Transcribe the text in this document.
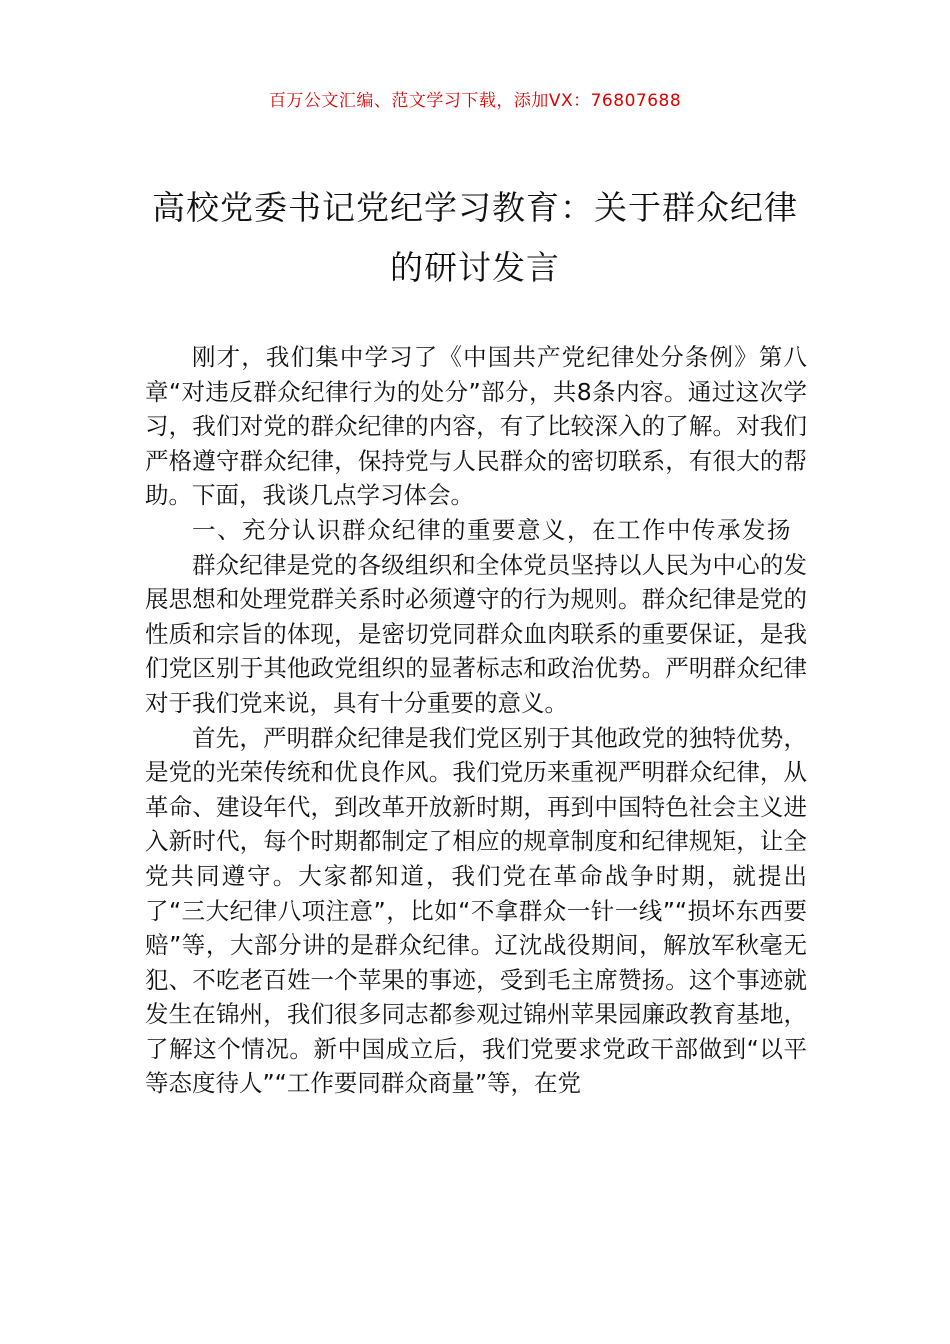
百万公文汇编、范文学习下载，添加VX：76807688
高校党委书记党纪学习教育：关于群众纪律的研讨发言

刚才，我们集中学习了《中国共产党纪律处分条例》第八章“对违反群众纪律行为的处分”部分，共8条内容。通过这次学习，我们对党的群众纪律的内容，有了比较深入的了解。对我们严格遵守群众纪律，保持党与人民群众的密切联系，有很大的帮助。下面，我谈几点学习体会。

一、充分认识群众纪律的重要意义，在工作中传承发扬

群众纪律是党的各级组织和全体党员坚持以人民为中心的发展思想和处理党群关系时必须遵守的行为规则。群众纪律是党的性质和宗旨的体现，是密切党同群众血肉联系的重要保证，是我们党区别于其他政党组织的显著标志和政治优势。严明群众纪律对于我们党来说，具有十分重要的意义。

首先，严明群众纪律是我们党区别于其他政党的独特优势，是党的光荣传统和优良作风。我们党历来重视严明群众纪律，从革命、建设年代，到改革开放新时期，再到中国特色社会主义进入新时代，每个时期都制定了相应的规章制度和纪律规矩，让全党共同遵守。大家都知道，我们党在革命战争时期，就提出了“三大纪律八项注意”，比如“不拿群众一针一线”“损坏东西要赔”等，大部分讲的是群众纪律。辽沈战役期间，解放军秋毫无犯、不吃老百姓一个苹果的事迹，受到毛主席赞扬。这个事迹就发生在锦州，我们很多同志都参观过锦州苹果园廉政教育基地，了解这个情况。新中国成立后，我们党要求党政干部做到“以平等态度待人”“工作要同群众商量”等，在党
